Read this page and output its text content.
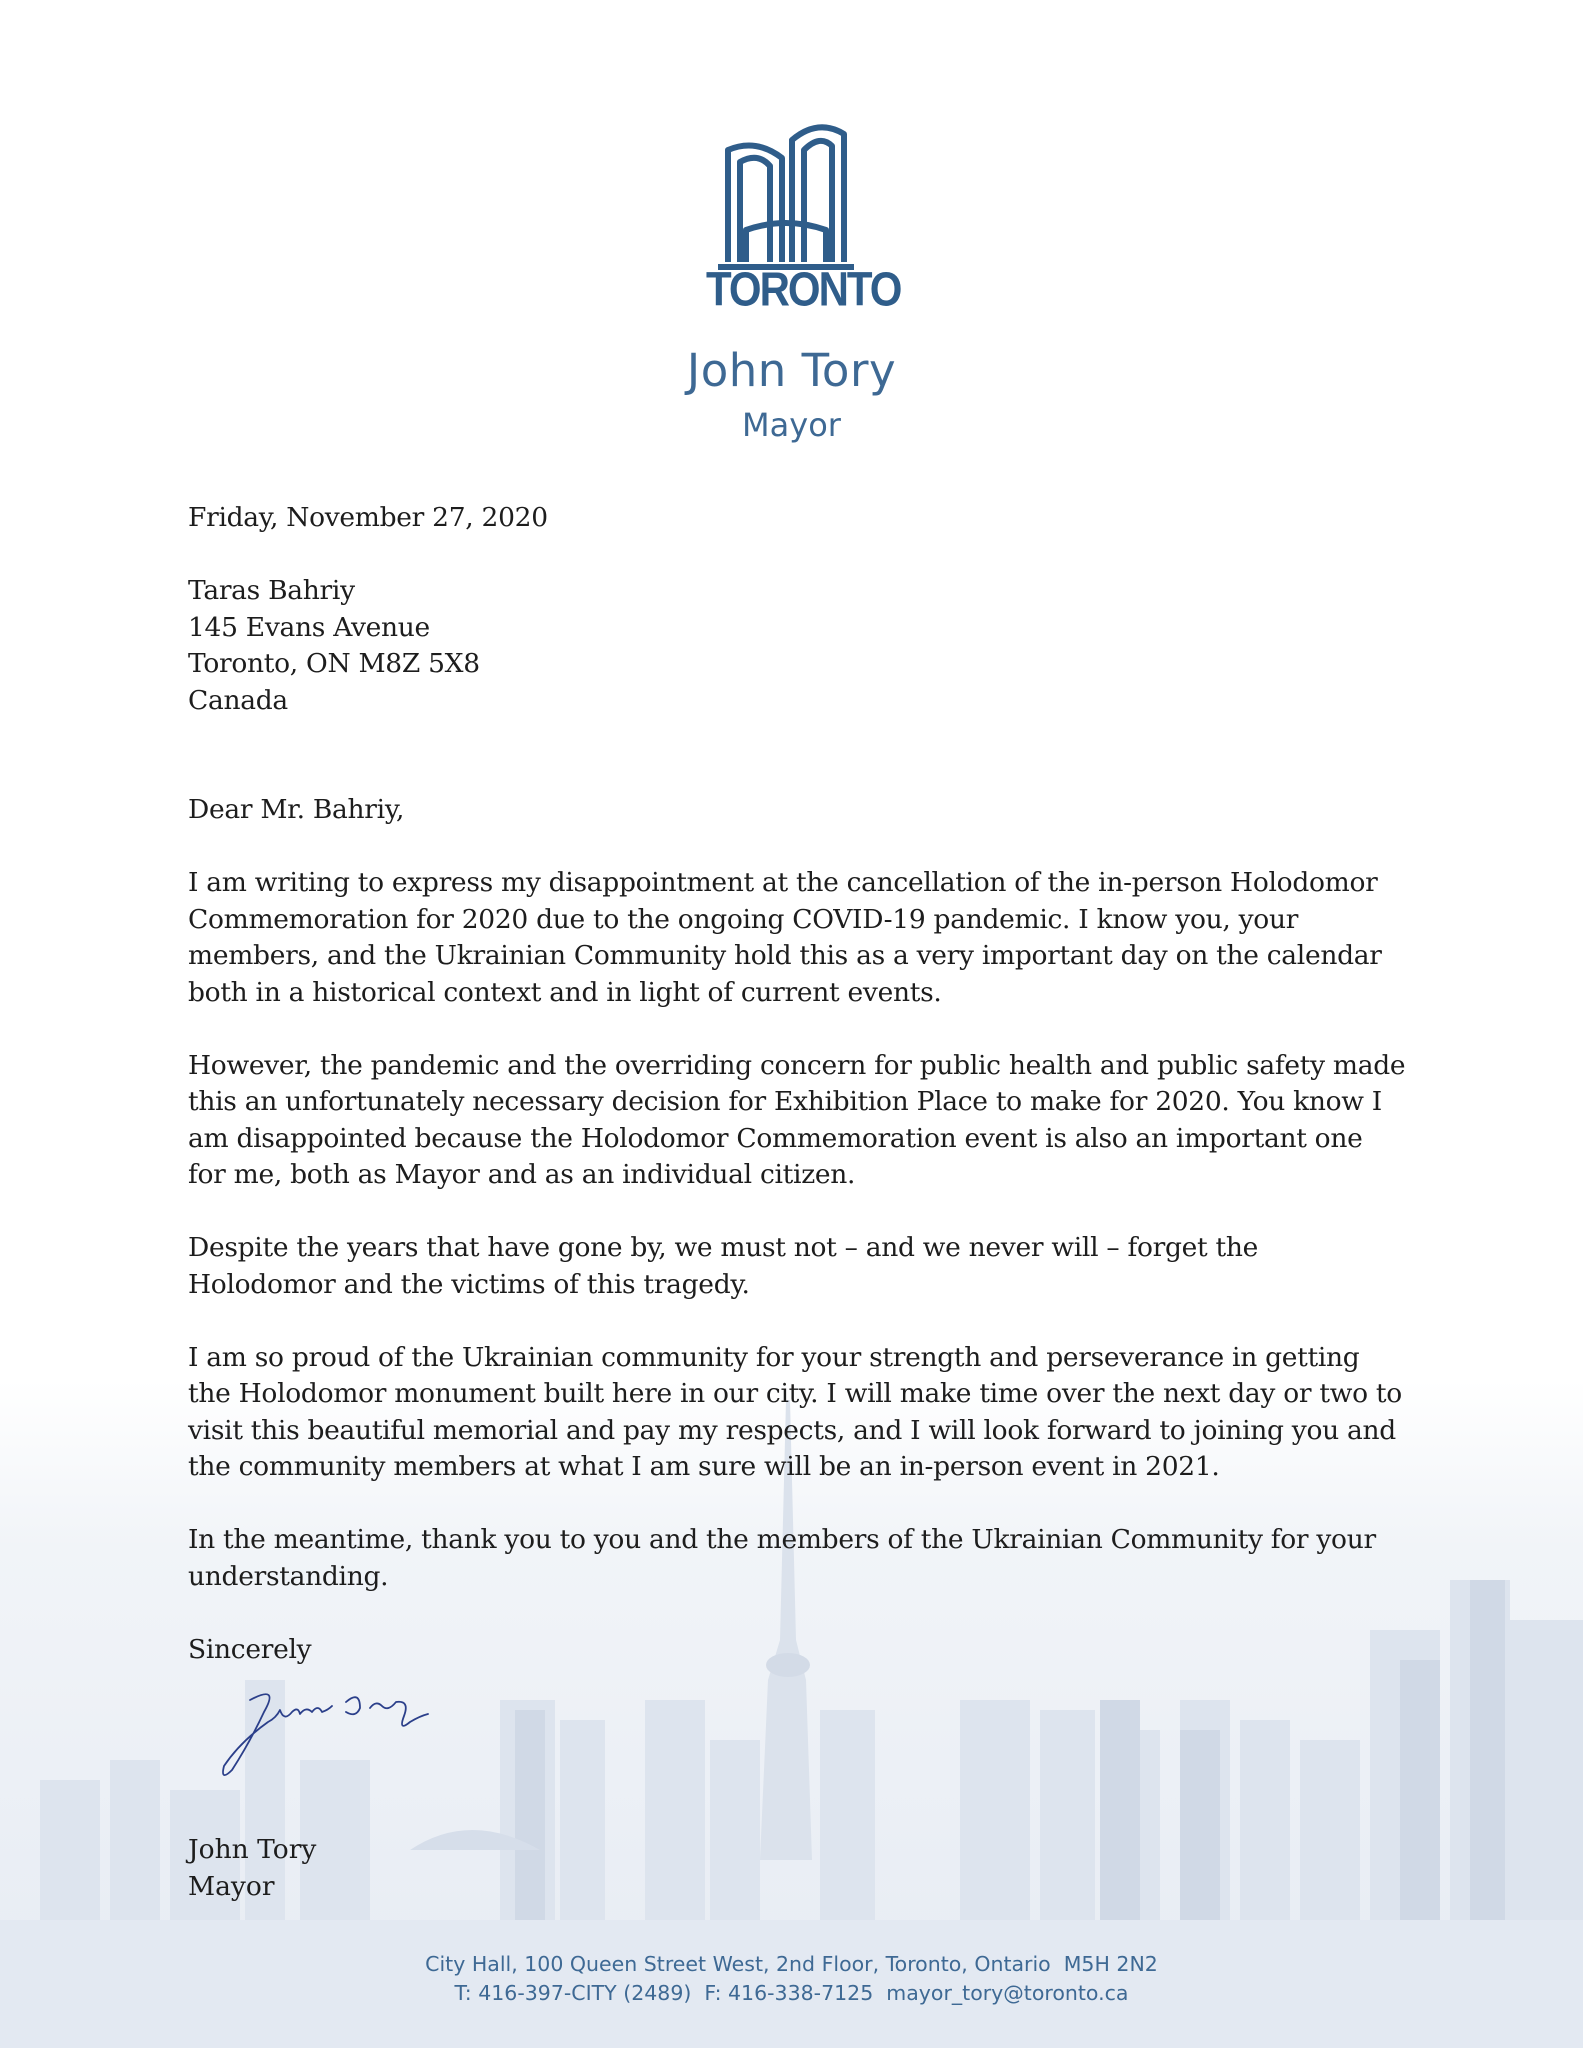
TORONTO
John Tory
Mayor

Friday, November 27, 2020

Taras Bahriy
145 Evans Avenue
Toronto, ON M8Z 5X8
Canada

Dear Mr. Bahriy,

I am writing to express my disappointment at the cancellation of the in-person Holodomor Commemoration for 2020 due to the ongoing COVID-19 pandemic. I know you, your members, and the Ukrainian Community hold this as a very important day on the calendar both in a historical context and in light of current events.

However, the pandemic and the overriding concern for public health and public safety made this an unfortunately necessary decision for Exhibition Place to make for 2020. You know I am disappointed because the Holodomor Commemoration event is also an important one for me, both as Mayor and as an individual citizen.

Despite the years that have gone by, we must not – and we never will – forget the Holodomor and the victims of this tragedy.

I am so proud of the Ukrainian community for your strength and perseverance in getting the Holodomor monument built here in our city. I will make time over the next day or two to visit this beautiful memorial and pay my respects, and I will look forward to joining you and the community members at what I am sure will be an in-person event in 2021.

In the meantime, thank you to you and the members of the Ukrainian Community for your understanding.

Sincerely

John Tory
Mayor
City Hall, 100 Queen Street West, 2nd Floor, Toronto, Ontario  M5H 2N2
T: 416-397-CITY (2489)  F: 416-338-7125  mayor_tory@toronto.ca
